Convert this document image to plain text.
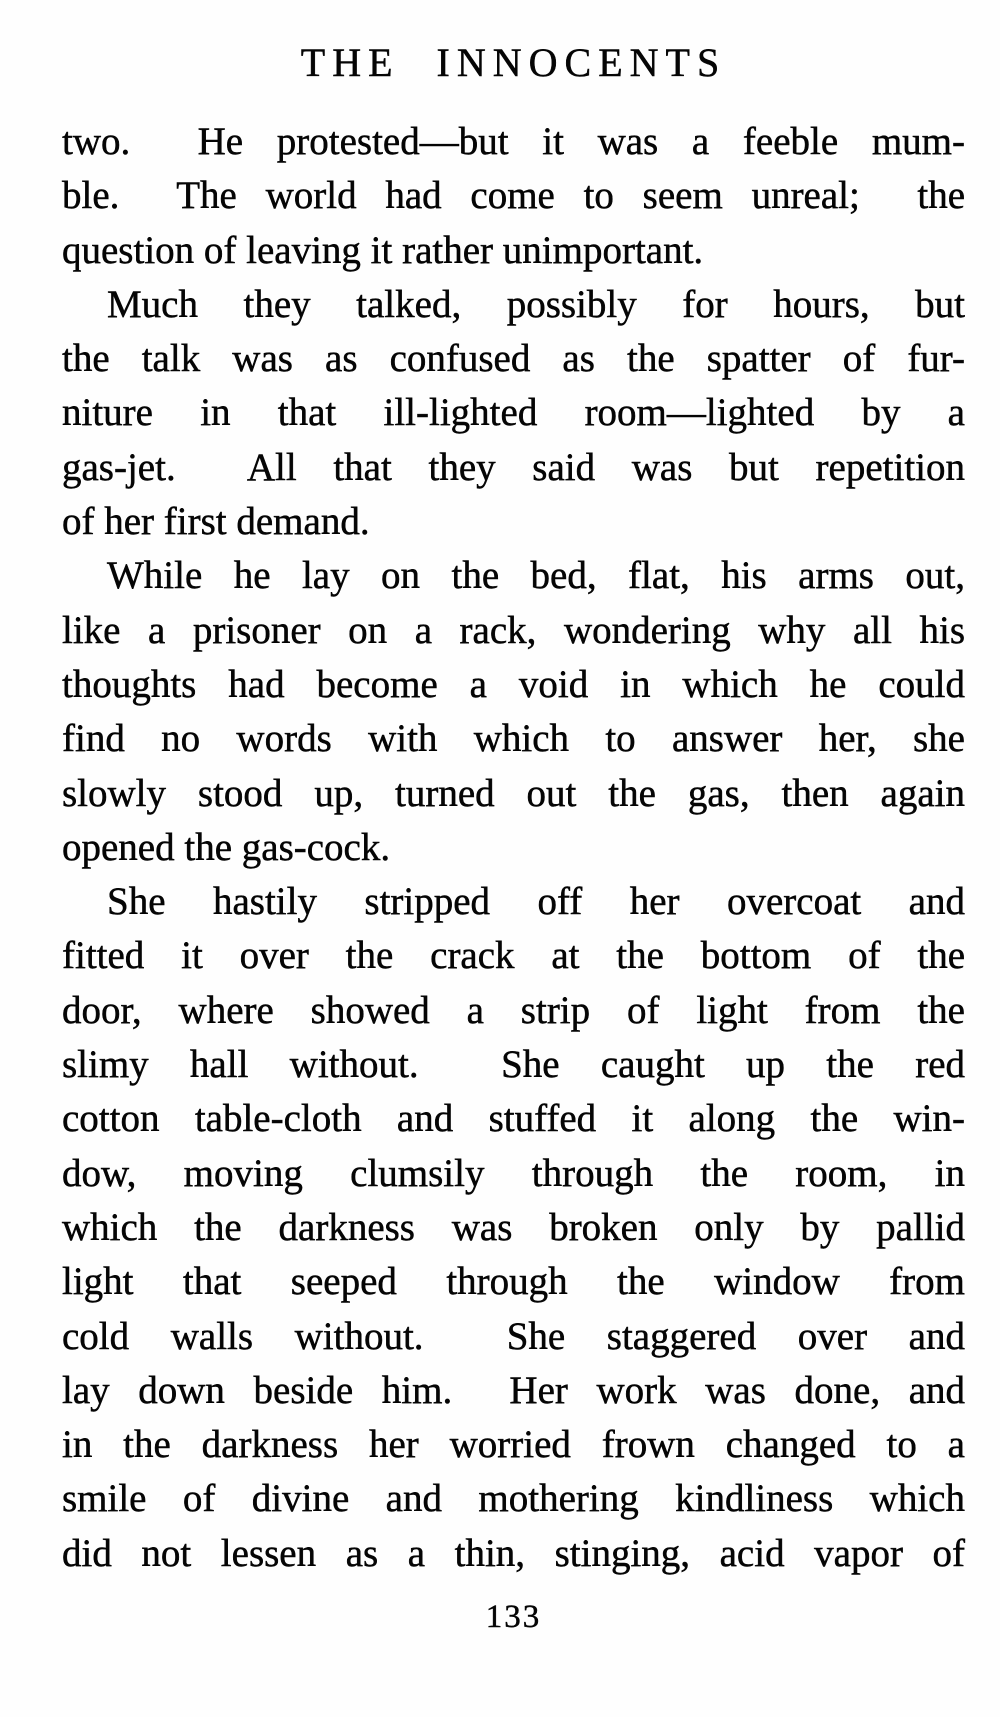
THE INNOCENTS
two.  He protested—but it was a feeble mum-
ble.  The world had come to seem unreal;  the
question of leaving it rather unimportant.
Much they talked, possibly for hours, but
the talk was as confused as the spatter of fur-
niture in that ill-lighted room—lighted by a
gas-jet.  All that they said was but repetition
of her first demand.
While he lay on the bed, flat, his arms out,
like a prisoner on a rack, wondering why all his
thoughts had become a void in which he could
find no words with which to answer her, she
slowly stood up, turned out the gas, then again
opened the gas-cock.
She hastily stripped off her overcoat and
fitted it over the crack at the bottom of the
door, where showed a strip of light from the
slimy hall without.  She caught up the red
cotton table-cloth and stuffed it along the win-
dow, moving clumsily through the room, in
which the darkness was broken only by pallid
light that seeped through the window from
cold walls without.  She staggered over and
lay down beside him.  Her work was done, and
in the darkness her worried frown changed to a
smile of divine and mothering kindliness which
did not lessen as a thin, stinging, acid vapor of
133
